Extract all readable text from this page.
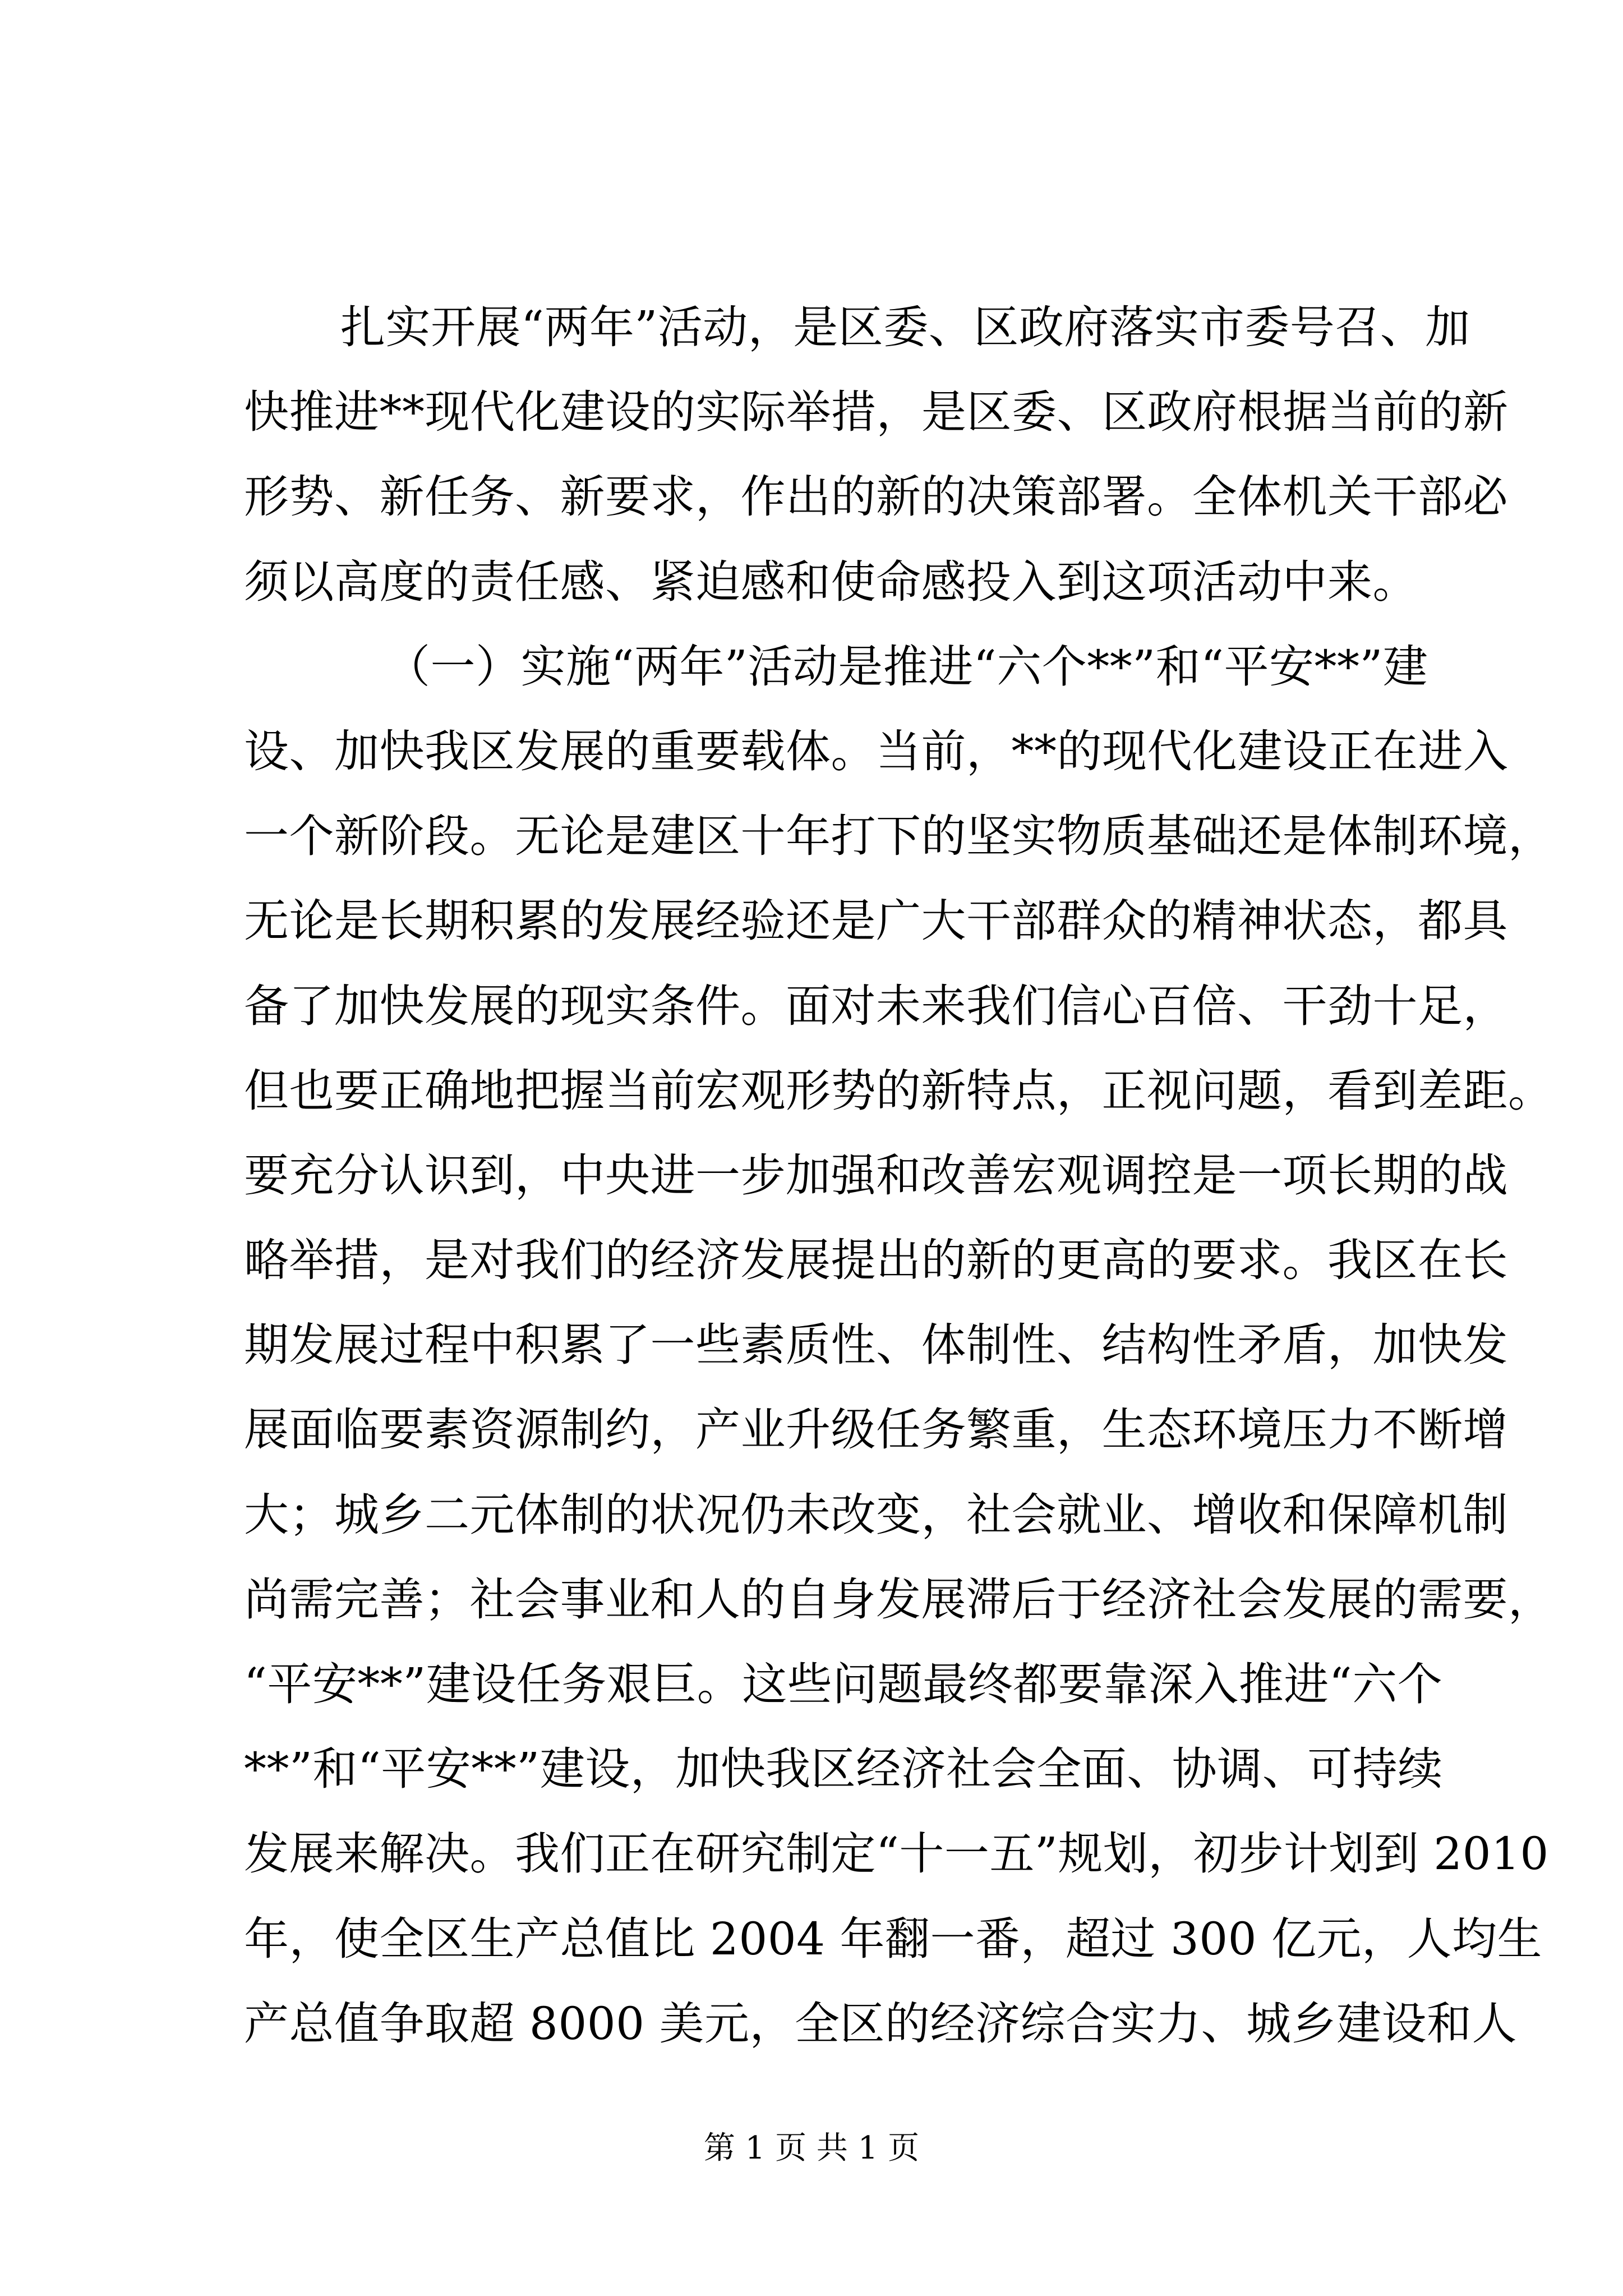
扎实开展“两年”活动，是区委、区政府落实市委号召、加
快推进**现代化建设的实际举措，是区委、区政府根据当前的新
形势、新任务、新要求，作出的新的决策部署。全体机关干部必
须以高度的责任感、紧迫感和使命感投入到这项活动中来。
（一）实施“两年”活动是推进“六个**”和“平安**”建
设、加快我区发展的重要载体。当前，**的现代化建设正在进入
一个新阶段。无论是建区十年打下的坚实物质基础还是体制环境，
无论是长期积累的发展经验还是广大干部群众的精神状态，都具
备了加快发展的现实条件。面对未来我们信心百倍、干劲十足，
但也要正确地把握当前宏观形势的新特点，正视问题，看到差距。
要充分认识到，中央进一步加强和改善宏观调控是一项长期的战
略举措，是对我们的经济发展提出的新的更高的要求。我区在长
期发展过程中积累了一些素质性、体制性、结构性矛盾，加快发
展面临要素资源制约，产业升级任务繁重，生态环境压力不断增
大；城乡二元体制的状况仍未改变，社会就业、增收和保障机制
尚需完善；社会事业和人的自身发展滞后于经济社会发展的需要，
“平安**”建设任务艰巨。这些问题最终都要靠深入推进“六个
**”和“平安**”建设，加快我区经济社会全面、协调、可持续
发展来解决。我们正在研究制定“十一五”规划，初步计划到 2010
年，使全区生产总值比 2004 年翻一番，超过 300 亿元，人均生
产总值争取超 8000 美元，全区的经济综合实力、城乡建设和人
第 1 页 共 1 页
